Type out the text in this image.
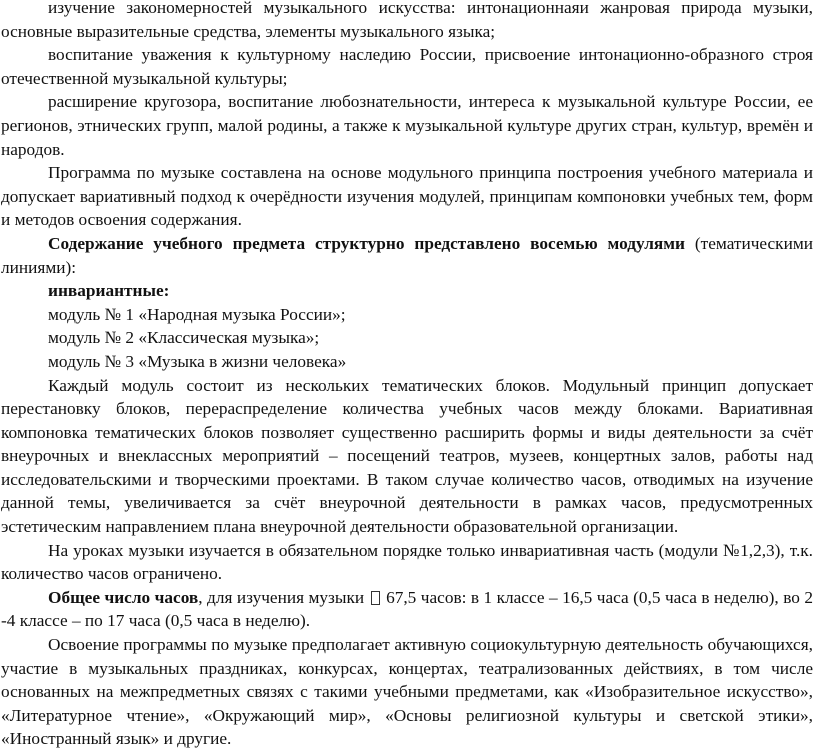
изучение закономерностей музыкального искусства: интонационнаяи жанровая природа музыки, основные выразительные средства, элементы музыкального языка;

воспитание уважения к культурному наследию России, присвоение интонационно-образного строя отечественной музыкальной культуры;

расширение кругозора, воспитание любознательности, интереса к музыкальной культуре России, ее регионов, этнических групп, малой родины, а также к музыкальной культуре других стран, культур, времён и народов.

Программа по музыке составлена на основе модульного принципа построения учебного материала и допускает вариативный подход к очерёдности изучения модулей, принципам компоновки учебных тем, форм и методов освоения содержания.

Содержание учебного предмета структурно представлено восемью модулями (тематическими линиями):

инвариантные:

модуль № 1 «Народная музыка России»;

модуль № 2 «Классическая музыка»;

модуль № 3 «Музыка в жизни человека»

Каждый модуль состоит из нескольких тематических блоков. Модульный принцип допускает перестановку блоков, перераспределение количества учебных часов между блоками. Вариативная компоновка тематических блоков позволяет существенно расширить формы и виды деятельности за счёт внеурочных и внеклассных мероприятий – посещений театров, музеев, концертных залов, работы над исследовательскими и творческими проектами. В таком случае количество часов, отводимых на изучение данной темы, увеличивается за счёт внеурочной деятельности в рамках часов, предусмотренных эстетическим направлением плана внеурочной деятельности образовательной организации.

На уроках музыки изучается в обязательном порядке только инвариативная часть (модули №1,2,3), т.к. количество часов ограничено.

Общее число часов, для изучения музыки 67,5 часов: в 1 классе – 16,5 часа (0,5 часа в неделю), во 2 -4 классе – по 17 часа (0,5 часа в неделю).

Освоение программы по музыке предполагает активную социокультурную деятельность обучающихся, участие в музыкальных праздниках, конкурсах, концертах, театрализованных действиях, в том числе основанных на межпредметных связях с такими учебными предметами, как «Изобразительное искусство», «Литературное чтение», «Окружающий мир», «Основы религиозной культуры и светской этики», «Иностранный язык» и другие.
